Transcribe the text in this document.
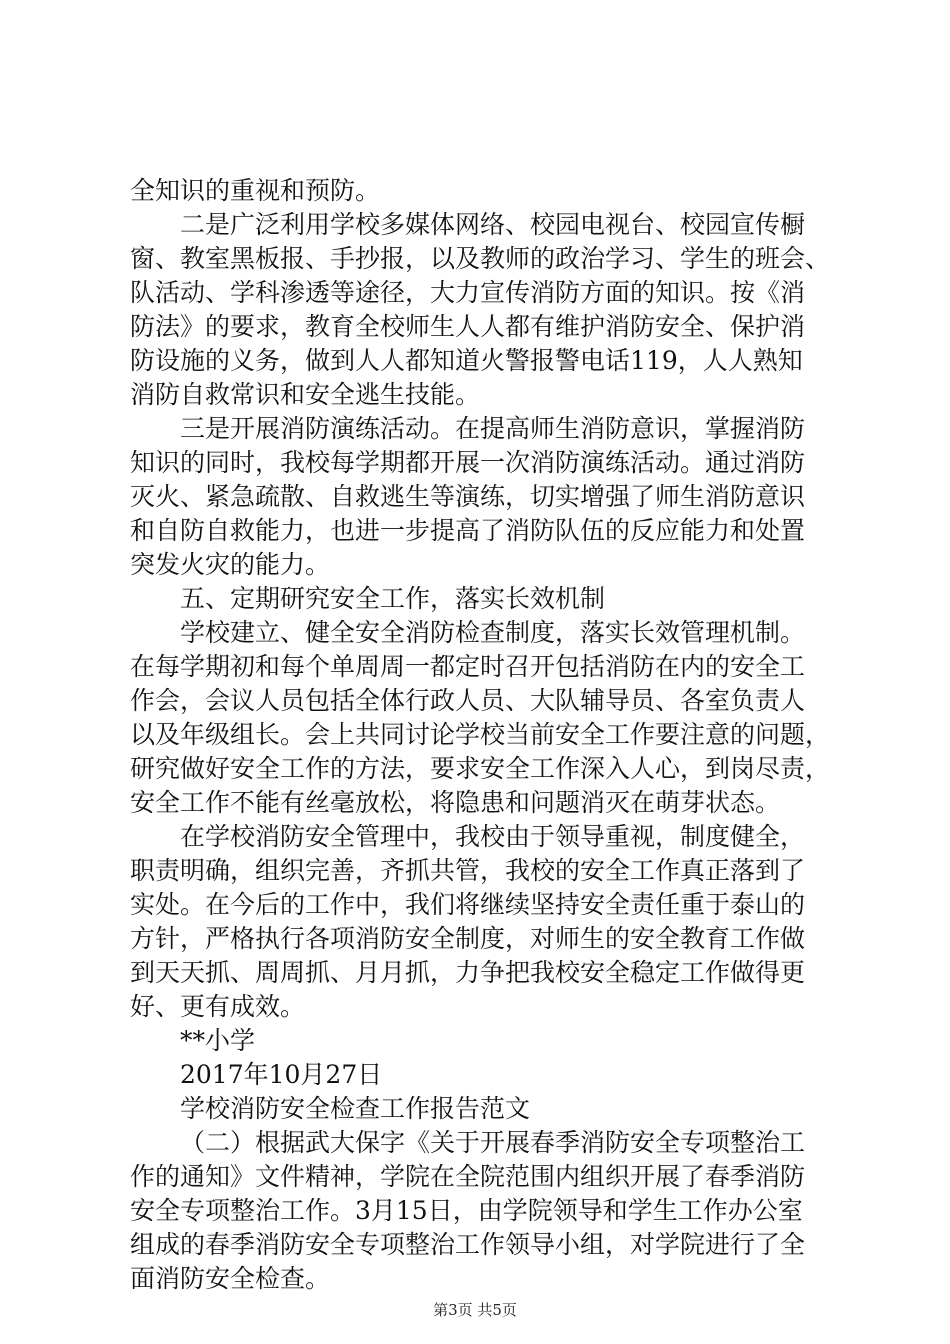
全知识的重视和预防。
二是广泛利用学校多媒体网络、校园电视台、校园宣传橱
窗、教室黑板报、手抄报，以及教师的政治学习、学生的班会、
队活动、学科渗透等途径，大力宣传消防方面的知识。按《消
防法》的要求，教育全校师生人人都有维护消防安全、保护消
防设施的义务，做到人人都知道火警报警电话119，人人熟知
消防自救常识和安全逃生技能。
三是开展消防演练活动。在提高师生消防意识，掌握消防
知识的同时，我校每学期都开展一次消防演练活动。通过消防
灭火、紧急疏散、自救逃生等演练，切实增强了师生消防意识
和自防自救能力，也进一步提高了消防队伍的反应能力和处置
突发火灾的能力。
五、定期研究安全工作，落实长效机制
学校建立、健全安全消防检查制度，落实长效管理机制。
在每学期初和每个单周周一都定时召开包括消防在内的安全工
作会，会议人员包括全体行政人员、大队辅导员、各室负责人
以及年级组长。会上共同讨论学校当前安全工作要注意的问题，
研究做好安全工作的方法，要求安全工作深入人心，到岗尽责，
安全工作不能有丝毫放松，将隐患和问题消灭在萌芽状态。
在学校消防安全管理中，我校由于领导重视，制度健全，
职责明确，组织完善，齐抓共管，我校的安全工作真正落到了
实处。在今后的工作中，我们将继续坚持安全责任重于泰山的
方针，严格执行各项消防安全制度，对师生的安全教育工作做
到天天抓、周周抓、月月抓，力争把我校安全稳定工作做得更
好、更有成效。
**小学
2017年10月27日
学校消防安全检查工作报告范文
（二）根据武大保字《关于开展春季消防安全专项整治工
作的通知》文件精神，学院在全院范围内组织开展了春季消防
安全专项整治工作。3月15日，由学院领导和学生工作办公室
组成的春季消防安全专项整治工作领导小组，对学院进行了全
面消防安全检查。
第3页 共5页
